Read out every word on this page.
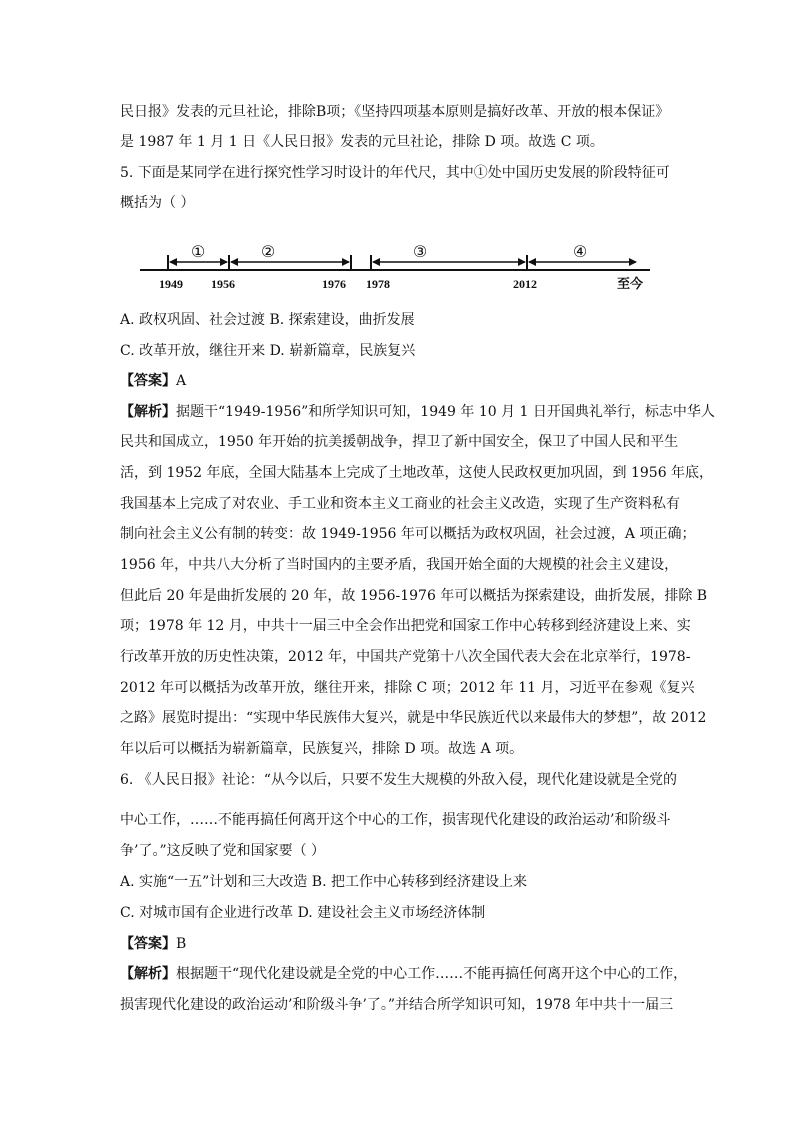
民日报》发表的元旦社论，排除B项；《坚持四项基本原则是搞好改革、开放的根本保证》
是 1987 年 1 月 1 日《人民日报》发表的元旦社论，排除 D 项。故选 C 项。
5. 下面是某同学在进行探究性学习时设计的年代尺，其中①处中国历史发展的阶段特征可
概括为（ ）
①	②	③	④
1949 1956	1976 1978	2012	至今
A. 政权巩固、社会过渡 B. 探索建设，曲折发展
C. 改革开放，继往开来 D. 崭新篇章，民族复兴
【答案】A
【解析】据题干“1949-1956”和所学知识可知，1949 年 10 月 1 日开国典礼举行，标志中华人
民共和国成立，1950 年开始的抗美援朝战争，捍卫了新中国安全，保卫了中国人民和平生
活，到 1952 年底，全国大陆基本上完成了土地改革，这使人民政权更加巩固，到 1956 年底，
我国基本上完成了对农业、手工业和资本主义工商业的社会主义改造，实现了生产资料私有
制向社会主义公有制的转变：故 1949-1956 年可以概括为政权巩固，社会过渡，A 项正确；
1956 年，中共八大分析了当时国内的主要矛盾，我国开始全面的大规模的社会主义建设，
但此后 20 年是曲折发展的 20 年，故 1956-1976 年可以概括为探索建设，曲折发展，排除 B
项；1978 年 12 月，中共十一届三中全会作出把党和国家工作中心转移到经济建设上来、实
行改革开放的历史性决策，2012 年，中国共产党第十八次全国代表大会在北京举行，1978-
2012 年可以概括为改革开放，继往开来，排除 C 项；2012 年 11 月，习近平在参观《复兴
之路》展览时提出：“实现中华民族伟大复兴，就是中华民族近代以来最伟大的梦想”，故 2012
年以后可以概括为崭新篇章，民族复兴，排除 D 项。故选 A 项。
6. 《人民日报》社论：“从今以后，只要不发生大规模的外敌入侵，现代化建设就是全党的
中心工作，……不能再搞任何离开这个中心的工作，损害现代化建设的政治运动’和阶级斗
争’了。”这反映了党和国家要（ ）
A. 实施“一五”计划和三大改造 B. 把工作中心转移到经济建设上来
C. 对城市国有企业进行改革 D. 建设社会主义市场经济体制
【答案】B
【解析】根据题干“现代化建设就是全党的中心工作……不能再搞任何离开这个中心的工作，
损害现代化建设的政治运动’和阶级斗争’了。”并结合所学知识可知，1978 年中共十一届三
